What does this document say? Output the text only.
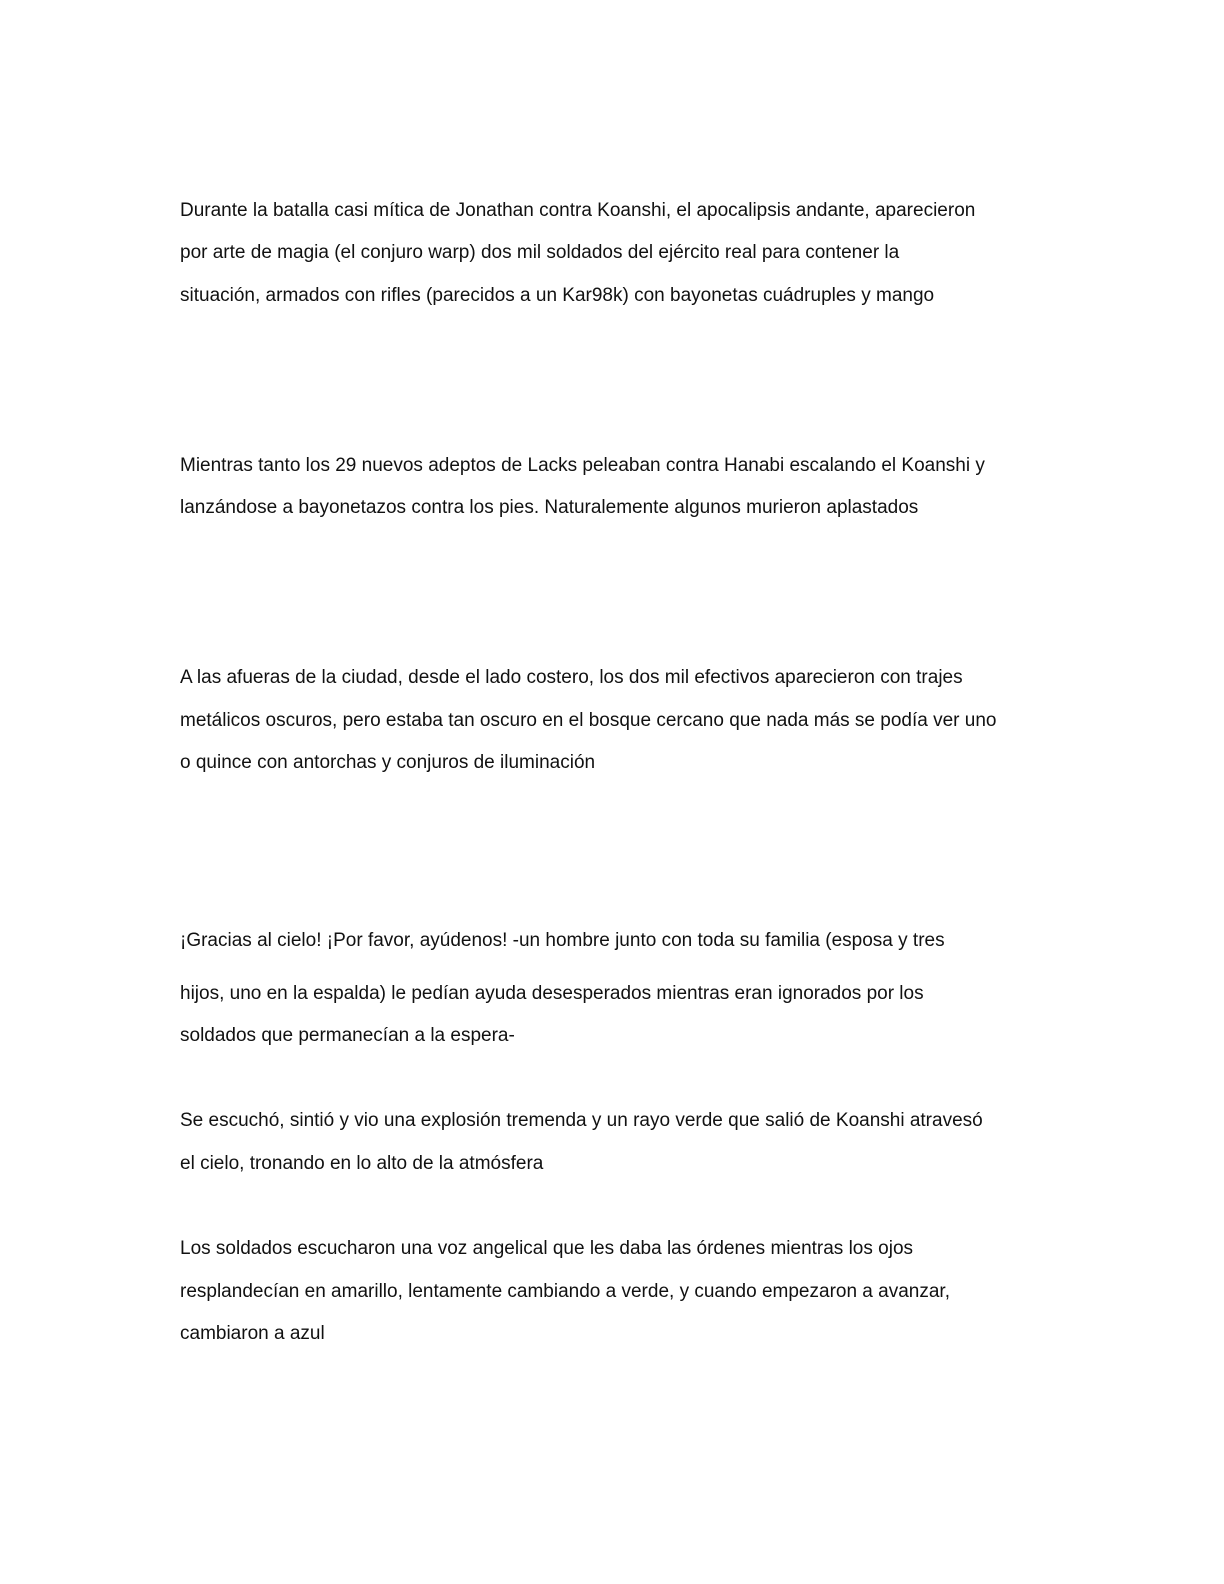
Durante la batalla casi mítica de Jonathan contra Koanshi, el apocalipsis andante, aparecieron
por arte de magia (el conjuro warp) dos mil soldados del ejército real para contener la
situación, armados con rifles (parecidos a un Kar98k) con bayonetas cuádruples y mango
Mientras tanto los 29 nuevos adeptos de Lacks peleaban contra Hanabi escalando el Koanshi y
lanzándose a bayonetazos contra los pies. Naturalemente algunos murieron aplastados
A las afueras de la ciudad, desde el lado costero, los dos mil efectivos aparecieron con trajes
metálicos oscuros, pero estaba tan oscuro en el bosque cercano que nada más se podía ver uno
o quince con antorchas y conjuros de iluminación
¡Gracias al cielo! ¡Por favor, ayúdenos! -un hombre junto con toda su familia (esposa y tres
hijos, uno en la espalda) le pedían ayuda desesperados mientras eran ignorados por los
soldados que permanecían a la espera-
Se escuchó, sintió y vio una explosión tremenda y un rayo verde que salió de Koanshi atravesó
el cielo, tronando en lo alto de la atmósfera
Los soldados escucharon una voz angelical que les daba las órdenes mientras los ojos
resplandecían en amarillo, lentamente cambiando a verde, y cuando empezaron a avanzar,
cambiaron a azul
